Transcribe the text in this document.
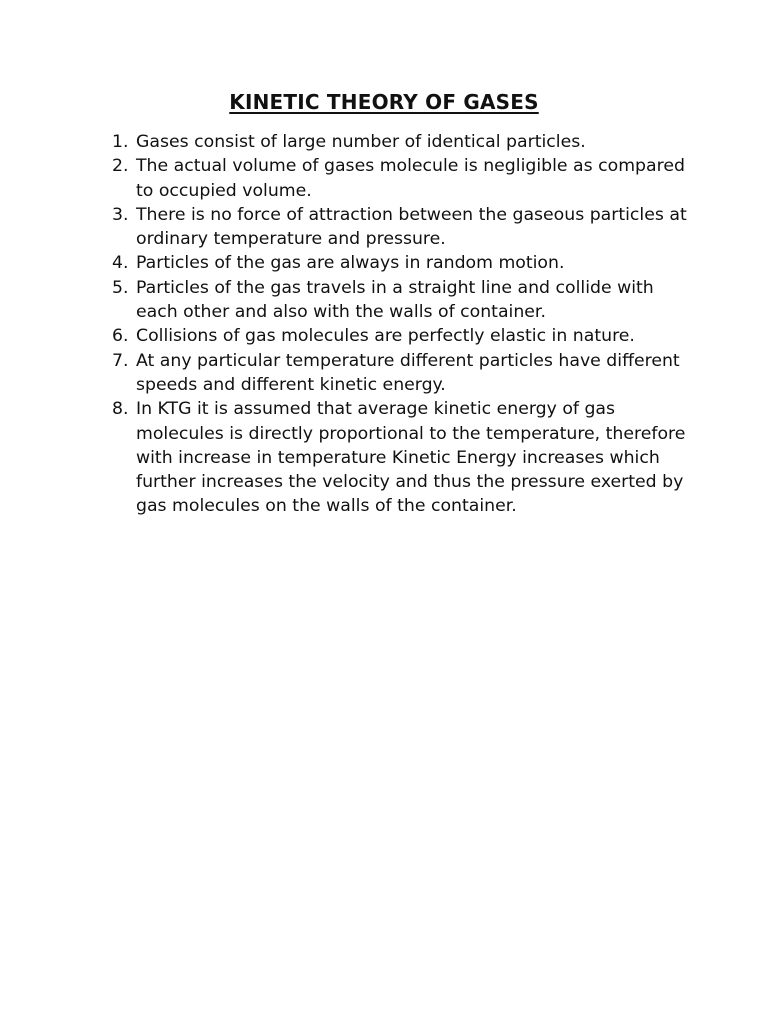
KINETIC THEORY OF GASES
1. Gases consist of large number of identical particles.
2. The actual volume of gases molecule is negligible as compared to occupied volume.
3. There is no force of attraction between the gaseous particles at ordinary temperature and pressure.
4. Particles of the gas are always in random motion.
5. Particles of the gas travels in a straight line and collide with each other and also with the walls of container.
6. Collisions of gas molecules are perfectly elastic in nature.
7. At any particular temperature different particles have different speeds and different kinetic energy.
8. In KTG it is assumed that average kinetic energy of gas molecules is directly proportional to the temperature, therefore with increase in temperature Kinetic Energy increases which further increases the velocity and thus the pressure exerted by gas molecules on the walls of the container.
